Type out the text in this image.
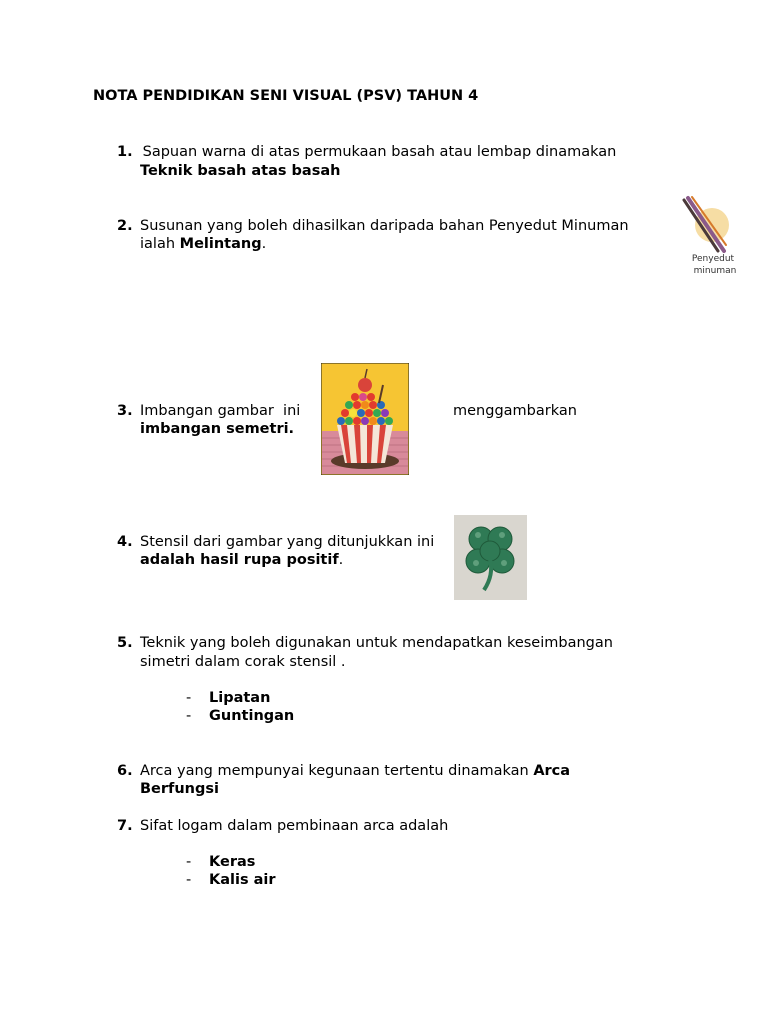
NOTA PENDIDIKAN SENI VISUAL (PSV) TAHUN 4
1. Sapuan warna di atas permukaan basah atau lembap dinamakan
Teknik basah atas basah
2. Susunan yang boleh dihasilkan daripada bahan Penyedut Minuman
ialah Melintang.
Penyedut
minuman
3. Imbangan gambar  ini	menggambarkan
imbangan semetri.
4. Stensil dari gambar yang ditunjukkan ini
adalah hasil rupa positif.
5. Teknik yang boleh digunakan untuk mendapatkan keseimbangan
simetri dalam corak stensil .
- Lipatan
- Guntingan
6. Arca yang mempunyai kegunaan tertentu dinamakan Arca
Berfungsi
7. Sifat logam dalam pembinaan arca adalah
- Keras
- Kalis air
